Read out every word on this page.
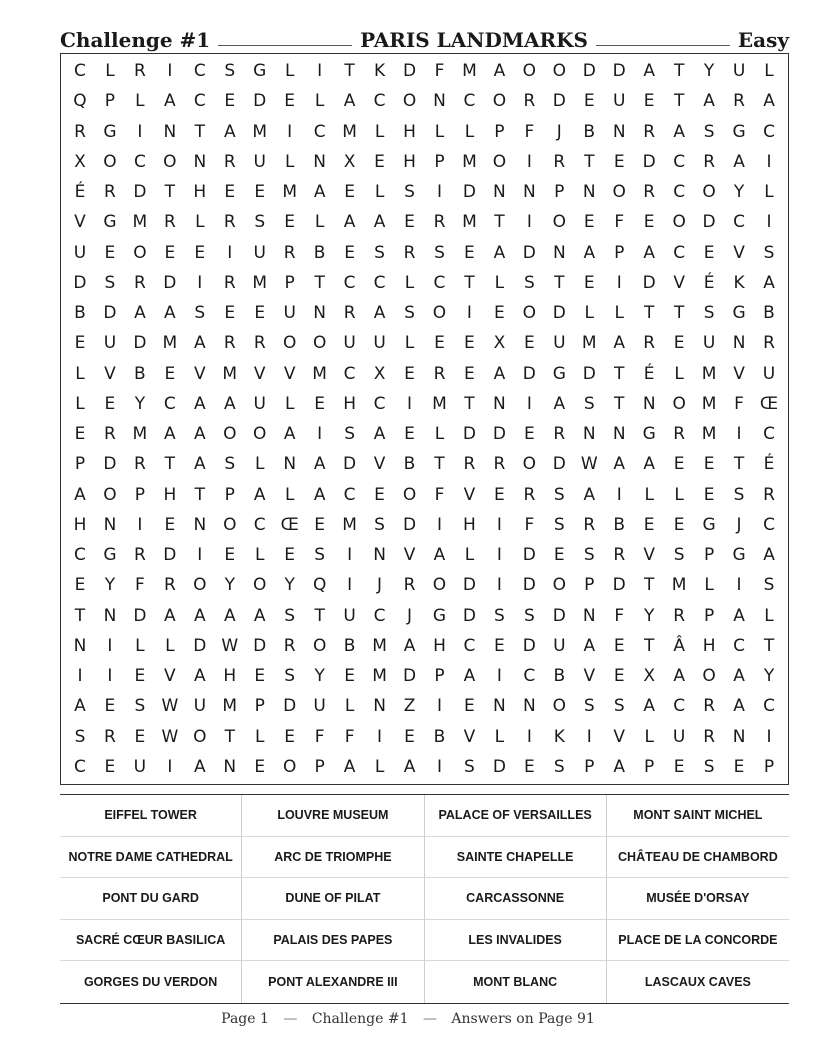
Challenge #1	PARIS LANDMARKS	Easy
C	L	R	I	C	S	G	L	I	T	K	D	F	M A	O O D D	A	T	Y	U	L
Q	P	L	A	C	E	D	E	L	A	C	O N	C	O	R	D	E	U	E	T	A	R	A
R	G	I	N	T	A M	I	C M	L	H	L	L	P	F	J	B	N	R	A	S	G	C
X	O	C	O N	R	U	L	N	X	E	H	P	M O	I	R	T	E	D	C	R	A	I
É	R	D	T	H	E	E	M A	E	L	S	I	D	N	N	P	N O	R	C	O	Y	L
V	G M R	L	R	S	E	L	A	A	E	R M	T	I	O	E	F	E	O D	C	I
U	E	O	E	E	I	U	R	B	E	S	R	S	E	A	D	N	A	P	A	C	E	V	S
D	S	R	D	I	R M	P	T	C	C	L	C	T	L	S	T	E	I	D	V	É	K	A
B	D	A	A	S	E	E	U	N	R	A	S	O	I	E	O D	L	L	T	T	S	G	B
E	U	D M A	R	R	O O	U	U	L	E	E	X	E	U M A	R	E	U	N	R
L	V	B	E	V M V	V M C	X	E	R	E	A	D G D	T	É	L	M V	U
L	E	Y	C	A	A	U	L	E	H	C	I	M	T	N	I	A	S	T	N O M	F Œ
E	R M A	A	O O	A	I	S	A	E	L	D D	E	R	N	N	G	R M	I	C
P	D	R	T	A	S	L	N	A	D	V	B	T	R	R	O D W A	A	E	E	T	É
A	O	P	H	T	P	A	L	A	C	E	O	F	V	E	R	S	A	I	L	L	E	S	R
H	N	I	E	N O	C Œ E	M	S	D	I	H	I	F	S	R	B	E	E	G	J	C
C	G	R	D	I	E	L	E	S	I	N	V	A	L	I	D	E	S	R	V	S	P	G	A
E	Y	F	R	O	Y	O	Y	Q	I	J	R	O D	I	D O	P	D	T	M	L	I	S
T	N	D	A	A	A	A	S	T	U	C	J	G D	S	S	D	N	F	Y	R	P	A	L
N	I	L	L	D W D	R	O	B M A	H	C	E	D	U	A	E	T	Â	H	C	T
I	I	E	V	A	H	E	S	Y	E	M D	P	A	I	C	B	V	E	X	A	O	A	Y
A	E	S W U M	P	D	U	L	N	Z	I	E	N	N O	S	S	A	C	R	A	C
S	R	E W O	T	L	E	F	F	I	E	B	V	L	I	K	I	V	L	U	R	N	I
C	E	U	I	A	N	E	O	P	A	L	A	I	S	D	E	S	P	A	P	E	S	E	P
EIFFEL TOWER	LOUVRE MUSEUM	PALACE OF VERSAILLES	MONT SAINT MICHEL
NOTRE DAME CATHEDRAL	ARC DE TRIOMPHE	SAINTE CHAPELLE	CHÂTEAU DE CHAMBORD
PONT DU GARD	DUNE OF PILAT	CARCASSONNE	MUSÉE D'ORSAY
SACRÉ CŒUR BASILICA	PALAIS DES PAPES	LES INVALIDES	PLACE DE LA CONCORDE
GORGES DU VERDON	PONT ALEXANDRE III	MONT BLANC	LASCAUX CAVES
Page 1 — Challenge #1 — Answers on Page 91
